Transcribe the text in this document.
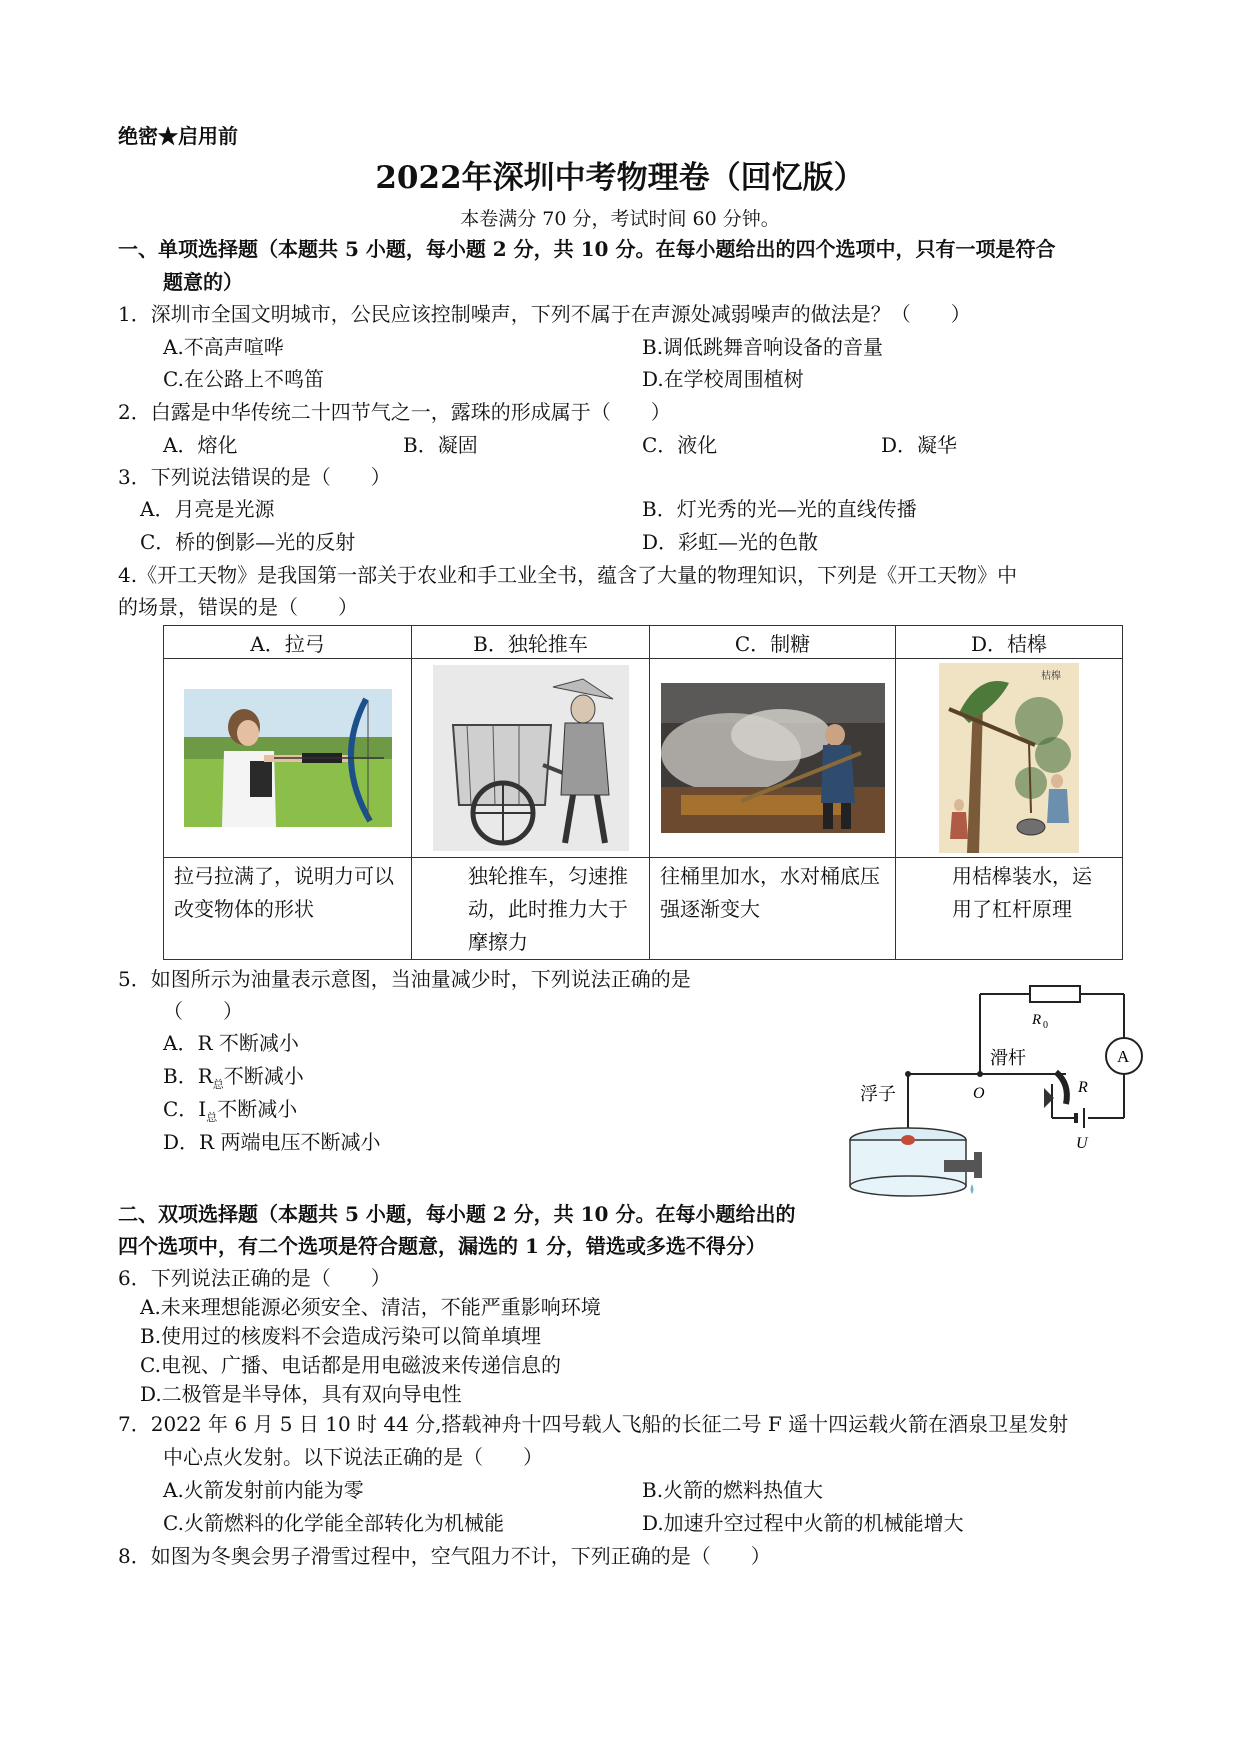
绝密★启用前
2022年深圳中考物理卷（回忆版）
本卷满分 70 分，考试时间 60 分钟。
一、单项选择题（本题共 5 小题，每小题 2 分，共 10 分。在每小题给出的四个选项中，只有一项是符合
题意的）
1．深圳市全国文明城市，公民应该控制噪声，下列不属于在声源处减弱噪声的做法是？（　　）
A.不高声喧哗	B.调低跳舞音响设备的音量
C.在公路上不鸣笛	D.在学校周围植树
2．白露是中华传统二十四节气之一，露珠的形成属于（　　）
A．熔化	B．凝固	C．液化	D．凝华
3．下列说法错误的是（　　）
A．月亮是光源	B．灯光秀的光—光的直线传播
C．桥的倒影—光的反射	D．彩虹—光的色散
4.《开工天物》是我国第一部关于农业和手工业全书，蕴含了大量的物理知识，下列是《开工天物》中
的场景，错误的是（　　）
A．拉弓	B．独轮推车	C．制糖	D．桔槔

桔槔

拉弓拉满了，说明力可以改变物体的形状	独轮推车，匀速推动，此时推力大于摩擦力	往桶里加水，水对桶底压强逐渐变大	用桔槔装水，运用了杠杆原理
5．如图所示为油量表示意图，当油量减少时，下列说法正确的是
（　　）
A．R 不断减小
B．$R_总$不断减小
C．$I_总$不断减小
D．R 两端电压不断减小
R 0
A
滑杆
O	R
浮子
U
二、双项选择题（本题共 5 小题，每小题 2 分，共 10 分。在每小题给出的
四个选项中，有二个选项是符合题意，漏选的 1 分，错选或多选不得分）
6．下列说法正确的是（　　）
A.未来理想能源必须安全、清洁，不能严重影响环境
B.使用过的核废料不会造成污染可以简单填埋
C.电视、广播、电话都是用电磁波来传递信息的
D.二极管是半导体，具有双向导电性
7．2022 年 6 月 5 日 10 时 44 分,搭载神舟十四号载人飞船的长征二号 F 遥十四运载火箭在酒泉卫星发射
中心点火发射。以下说法正确的是（　　）
A.火箭发射前内能为零	B.火箭的燃料热值大
C.火箭燃料的化学能全部转化为机械能	D.加速升空过程中火箭的机械能增大
8．如图为冬奥会男子滑雪过程中，空气阻力不计，下列正确的是（　　）
